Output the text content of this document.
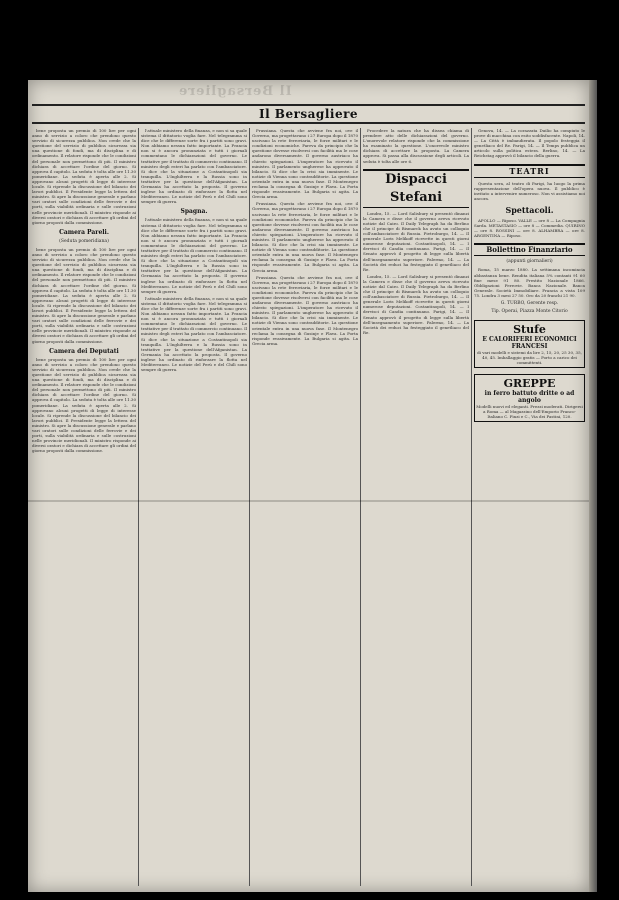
Il Bersagliere
Il Bersagliere

bene proposta un premio di 100 lire per ogni anno di servizio a coloro che prendono questo servizio di sicurezza pubblica. Non crede che la questione del servizio di pubblica sicurezza sia una questione di fondi, ma di disciplina e di ordinamento. Il relatore risponde che le condizioni del personale non permettono di più. Il ministro dichiara di accettare l'ordine del giorno. Si approva il capitolo. La seduta è tolta alle ore 11.30 pomeridiane. La seduta è aperta alle 2. Si approvano alcuni progetti di legge di interesse locale. Si riprende la discussione del bilancio dei lavori pubblici. Il Presidente legge la lettera del ministro. Si apre la discussione generale e parlano vari oratori sulle condizioni delle ferrovie e dei porti, sulla viabilità ordinaria e sulle costruzioni nelle provincie meridionali. Il ministro risponde ai diversi oratori e dichiara di accettare gli ordini del giorno proposti dalla commissione.

Camera Pareli.
(Seduta pomeridiana)

bene proposta un premio di 100 lire per ogni anno di servizio a coloro che prendono questo servizio di sicurezza pubblica. Non crede che la questione del servizio di pubblica sicurezza sia una questione di fondi, ma di disciplina e di ordinamento. Il relatore risponde che le condizioni del personale non permettono di più. Il ministro dichiara di accettare l'ordine del giorno. Si approva il capitolo. La seduta è tolta alle ore 11.30 pomeridiane. La seduta è aperta alle 2. Si approvano alcuni progetti di legge di interesse locale. Si riprende la discussione del bilancio dei lavori pubblici. Il Presidente legge la lettera del ministro. Si apre la discussione generale e parlano vari oratori sulle condizioni delle ferrovie e dei porti, sulla viabilità ordinaria e sulle costruzioni nelle provincie meridionali. Il ministro risponde ai diversi oratori e dichiara di accettare gli ordini del giorno proposti dalla commissione.

Camera dei Deputati

bene proposta un premio di 100 lire per ogni anno di servizio a coloro che prendono questo servizio di sicurezza pubblica. Non crede che la questione del servizio di pubblica sicurezza sia una questione di fondi, ma di disciplina e di ordinamento. Il relatore risponde che le condizioni del personale non permettono di più. Il ministro dichiara di accettare l'ordine del giorno. Si approva il capitolo. La seduta è tolta alle ore 11.30 pomeridiane. La seduta è aperta alle 2. Si approvano alcuni progetti di legge di interesse locale. Si riprende la discussione del bilancio dei lavori pubblici. Il Presidente legge la lettera del ministro. Si apre la discussione generale e parlano vari oratori sulle condizioni delle ferrovie e dei porti, sulla viabilità ordinaria e sulle costruzioni nelle provincie meridionali. Il ministro risponde ai diversi oratori e dichiara di accettare gli ordini del giorno proposti dalla commissione.

l'attuale ministero della finanza, e non si sa quale sistema il dittatorio voglia fare. Nel telegramma si dice che le differenze sorte fra i partiti sono gravi. Non abbiamo nessun fatto importante. La Francia non si è ancora pronunziata e tutti i giornali commentano le dichiarazioni del governo. Le trattative per il trattato di commercio continuano. Il ministro degli esteri ha parlato con l'ambasciatore. Si dice che la situazione a Costantinopoli sia tranquilla. L'Inghilterra e la Russia sono in trattative per la questione dell'Afganistan. La Germania ha accettato la proposta. Il governo inglese ha ordinato di rinforzare la flotta nel Mediterraneo. Le notizie del Perù e del Chilì sono sempre di guerra.

Spagna.

l'attuale ministero della finanza, e non si sa quale sistema il dittatorio voglia fare. Nel telegramma si dice che le differenze sorte fra i partiti sono gravi. Non abbiamo nessun fatto importante. La Francia non si è ancora pronunziata e tutti i giornali commentano le dichiarazioni del governo. Le trattative per il trattato di commercio continuano. Il ministro degli esteri ha parlato con l'ambasciatore. Si dice che la situazione a Costantinopoli sia tranquilla. L'Inghilterra e la Russia sono in trattative per la questione dell'Afganistan. La Germania ha accettato la proposta. Il governo inglese ha ordinato di rinforzare la flotta nel Mediterraneo. Le notizie del Perù e del Chilì sono sempre di guerra.

l'attuale ministero della finanza, e non si sa quale sistema il dittatorio voglia fare. Nel telegramma si dice che le differenze sorte fra i partiti sono gravi. Non abbiamo nessun fatto importante. La Francia non si è ancora pronunziata e tutti i giornali commentano le dichiarazioni del governo. Le trattative per il trattato di commercio continuano. Il ministro degli esteri ha parlato con l'ambasciatore. Si dice che la situazione a Costantinopoli sia tranquilla. L'Inghilterra e la Russia sono in trattative per la questione dell'Afganistan. La Germania ha accettato la proposta. Il governo inglese ha ordinato di rinforzare la flotta nel Mediterraneo. Le notizie del Perù e del Chilì sono sempre di guerra.

Prussiana. Questa che avviene fra noi, ove il Governo, ma progettavano i 27 Europa dopo il 1870 uscivano la rete ferroviaria, le forze militari e le condizioni economiche. Pareva da principio che la questione dovesse risolversi con facilità ma le cose andarono diversamente. Il governo austriaco ha chiesto spiegazioni. L'imperatore ha ricevuto il ministro. Il parlamento ungherese ha approvato il bilancio. Si dice che la crisi sia imminente. Le notizie di Vienna sono contradditorie. La questione orientale entra in una nuova fase. Il Montenegro reclama la consegna di Gusinje e Plava. La Porta risponde evasivamente. La Bulgaria si agita. La Grecia arma.

Prussiana. Questa che avviene fra noi, ove il Governo, ma progettavano i 27 Europa dopo il 1870 uscivano la rete ferroviaria, le forze militari e le condizioni economiche. Pareva da principio che la questione dovesse risolversi con facilità ma le cose andarono diversamente. Il governo austriaco ha chiesto spiegazioni. L'imperatore ha ricevuto il ministro. Il parlamento ungherese ha approvato il bilancio. Si dice che la crisi sia imminente. Le notizie di Vienna sono contradditorie. La questione orientale entra in una nuova fase. Il Montenegro reclama la consegna di Gusinje e Plava. La Porta risponde evasivamente. La Bulgaria si agita. La Grecia arma.

Prussiana. Questa che avviene fra noi, ove il Governo, ma progettavano i 27 Europa dopo il 1870 uscivano la rete ferroviaria, le forze militari e le condizioni economiche. Pareva da principio che la questione dovesse risolversi con facilità ma le cose andarono diversamente. Il governo austriaco ha chiesto spiegazioni. L'imperatore ha ricevuto il ministro. Il parlamento ungherese ha approvato il bilancio. Si dice che la crisi sia imminente. Le notizie di Vienna sono contradditorie. La questione orientale entra in una nuova fase. Il Montenegro reclama la consegna di Gusinje e Plava. La Porta risponde evasivamente. La Bulgaria si agita. La Grecia arma.

Procedere la natura che ha dissea chiama di prendere atto delle dichiarazioni del governo. L'onorevole relatore risponde che la commissione ha esaminato la questione. L'onorevole ministro dichiara di accettare la proposta. La Camera approva. Si passa alla discussione degli articoli. La seduta è tolta alle ore 6.

Dispacci Stefani

Londra, 15. — Lord Salisbury si presentò dinanzi la Camera e disse che il governo aveva ricevuto notizie dal Cairo. Il Daily Telegraph ha da Berlino che il principe di Bismarck ha avuto un colloquio coll'ambasciatore di Russia. Pietroburgo, 14. — Il generale Loris Melikoff ricevette in questi giorni numerose deputazioni. Costantinopoli, 14. — I dervisci di Candia continuano. Parigi, 14. — Il Senato approvò il progetto di legge sulla libertà dell'insegnamento superiore. Palermo, 14. — La Società dei reduci ha festeggiato il genetliaco del Re.

Londra, 15. — Lord Salisbury si presentò dinanzi la Camera e disse che il governo aveva ricevuto notizie dal Cairo. Il Daily Telegraph ha da Berlino che il principe di Bismarck ha avuto un colloquio coll'ambasciatore di Russia. Pietroburgo, 14. — Il generale Loris Melikoff ricevette in questi giorni numerose deputazioni. Costantinopoli, 14. — I dervisci di Candia continuano. Parigi, 14. — Il Senato approvò il progetto di legge sulla libertà dell'insegnamento superiore. Palermo, 14. — La Società dei reduci ha festeggiato il genetliaco del Re.

Genova, 14. — La corazzata Duilio ha compiuto le prove di macchina con esito soddisfacente. Napoli, 14. — La Città è imbandierata. Il popolo festeggia il genetliaco del Re. Parigi, 14. — Il Temps pubblica un articolo sulla politica estera. Berlino, 14. — La Reichstag approvò il bilancio della guerra.

TEATRI

Questa sera, al teatro di Parigi, ha luogo la prima rappresentazione dell'opera nuova. Il pubblico è invitato a intervenire numeroso. Non vi assistiamo noi ancora.

Spettacoli.

APOLLO — Riposo. VALLE — ore 8 — La Compagnia Sarda. METASTASIO — ore 8 — Commedia. QUIRINO — ore 8. ROSSINI — ore 8. ALHAMBRA — ore 8. ARGENTINA — Riposo.

Bollettino Finanziario
(appunti giornalieri)

Roma, 15 marzo 1880. La settimana incomincia abbastanza bene. Rendita italiana 5% contanti 91 60 fine mese 91 80. Prestito Nazionale 1866. Obbligazioni Ferrovie. Banca Nazionale. Banca Generale. Società Immobiliare. Francia a vista 109 75. Londra 3 mesi 27 50. Oro da 20 franchi 21 90.

G. TURBO, Gerente resp.
Tip. Operai, Piazza Monte Citorio
Stufe
E CALORIFERI ECONOMICI
FRANCESI
di vari modelli e sistemi da lire 2, 15, 20, 25 30, 35, 40, 45. Imballaggio gratis — Porto a carico dei committenti.
GREPPE
in ferro battuto dritte o ad angolo
Modelli nuovi ed eleganti. Prezzi moderati. Dirigersi a Roma — al Magazzino dell'Emporio Franco-Italiano C. Finzi e C., Via dei Pastini, 120.
